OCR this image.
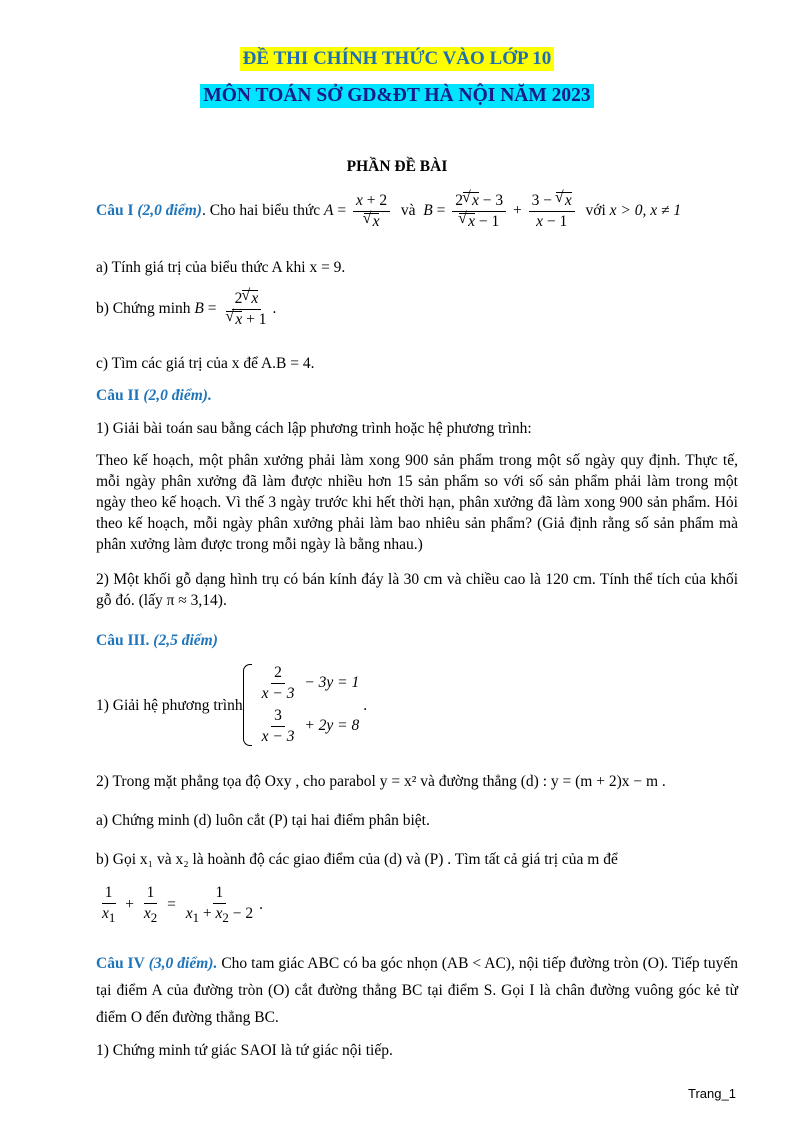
ĐỀ THI CHÍNH THỨC VÀO LỚP 10
MÔN TOÁN SỞ GD&ĐT HÀ NỘI NĂM 2023
PHẦN ĐỀ BÀI
Câu I (2,0 điểm). Cho hai biểu thức A = x + 2
√ x và B = 2 √ x − 3
√ $x - 1 + \frac{3 - √ x}{x - 1}$ với x > 0, x ≠ 1
a) Tính giá trị của biểu thức A khi x = 9.
b) Chứng minh B = 2 √ x
√ x + 1 .
c) Tìm các giá trị của x để A.B = 4.
Câu II (2,0 điểm).
1) Giải bài toán sau bằng cách lập phương trình hoặc hệ phương trình:
Theo kế hoạch, một phân xưởng phải làm xong 900 sản phẩm trong một số ngày quy định. Thực tế, mỗi ngày phân xưởng đã làm được nhiều hơn 15 sản phẩm so với số sản phẩm phải làm trong một ngày theo kế hoạch. Vì thế 3 ngày trước khi hết thời hạn, phân xưởng đã làm xong 900 sản phẩm. Hỏi theo kế hoạch, mỗi ngày phân xưởng phải làm bao nhiêu sản phẩm? (Giả định rằng số sản phẩm mà phân xưởng làm được trong mỗi ngày là bằng nhau.)
2) Một khối gỗ dạng hình trụ có bán kính đáy là 30 cm và chiều cao là 120 cm. Tính thể tích của khối gỗ đó. (lấy π ≈ 3,14).
Câu III. (2,5 điểm)
1) Giải hệ phương trình
$\frac{2}{x - 3} - 3y = 1$
$\frac{3}{x - 3} + 2y = 8$
.
2) Trong mặt phẳng tọa độ Oxy , cho parabol y = x² và đường thẳng (d) : y = (m + 2)x − m .
a) Chứng minh (d) luôn cắt (P) tại hai điểm phân biệt.
b) Gọi x₁ và x₂ là hoành độ các giao điểm của (d) và (P) . Tìm tất cả giá trị của m để
$\frac{1}{x_1} + \frac{1}{x_2} = \frac{1}{x_1 + x_2 - 2}$ .
Câu IV (3,0 điểm). Cho tam giác ABC có ba góc nhọn (AB < AC), nội tiếp đường tròn (O). Tiếp tuyến tại điểm A của đường tròn (O) cắt đường thẳng BC tại điểm S. Gọi I là chân đường vuông góc kẻ từ điểm O đến đường thẳng BC.
1) Chứng minh tứ giác SAOI là tứ giác nội tiếp.
Trang_1
